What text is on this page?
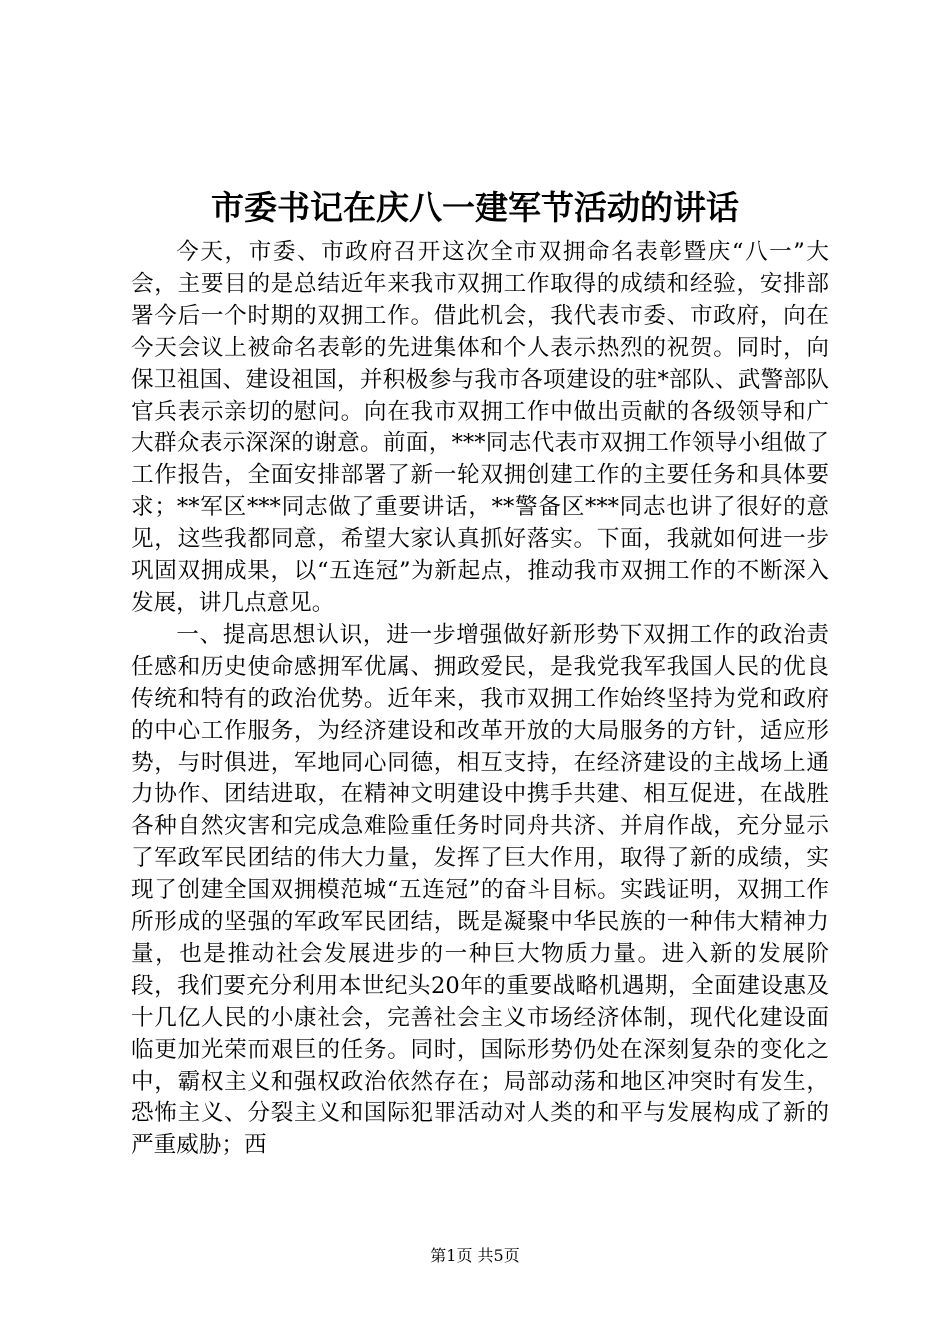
市委书记在庆八一建军节活动的讲话

今天，市委、市政府召开这次全市双拥命名表彰暨庆“八一”大会，主要目的是总结近年来我市双拥工作取得的成绩和经验，安排部署今后一个时期的双拥工作。借此机会，我代表市委、市政府，向在今天会议上被命名表彰的先进集体和个人表示热烈的祝贺。同时，向保卫祖国、建设祖国，并积极参与我市各项建设的驻*部队、武警部队官兵表示亲切的慰问。向在我市双拥工作中做出贡献的各级领导和广大群众表示深深的谢意。前面，***同志代表市双拥工作领导小组做了工作报告，全面安排部署了新一轮双拥创建工作的主要任务和具体要求；**军区***同志做了重要讲话，**警备区***同志也讲了很好的意见，这些我都同意，希望大家认真抓好落实。下面，我就如何进一步巩固双拥成果，以“五连冠”为新起点，推动我市双拥工作的不断深入发展，讲几点意见。

一、提高思想认识，进一步增强做好新形势下双拥工作的政治责任感和历史使命感拥军优属、拥政爱民，是我党我军我国人民的优良传统和特有的政治优势。近年来，我市双拥工作始终坚持为党和政府的中心工作服务，为经济建设和改革开放的大局服务的方针，适应形势，与时俱进，军地同心同德，相互支持，在经济建设的主战场上通力协作、团结进取，在精神文明建设中携手共建、相互促进，在战胜各种自然灾害和完成急难险重任务时同舟共济、并肩作战，充分显示了军政军民团结的伟大力量，发挥了巨大作用，取得了新的成绩，实现了创建全国双拥模范城“五连冠”的奋斗目标。实践证明，双拥工作所形成的坚强的军政军民团结，既是凝聚中华民族的一种伟大精神力量，也是推动社会发展进步的一种巨大物质力量。进入新的发展阶段，我们要充分利用本世纪头20年的重要战略机遇期，全面建设惠及十几亿人民的小康社会，完善社会主义市场经济体制，现代化建设面临更加光荣而艰巨的任务。同时，国际形势仍处在深刻复杂的变化之中，霸权主义和强权政治依然存在；局部动荡和地区冲突时有发生，恐怖主义、分裂主义和国际犯罪活动对人类的和平与发展构成了新的严重威胁；西

第1页 共5页
